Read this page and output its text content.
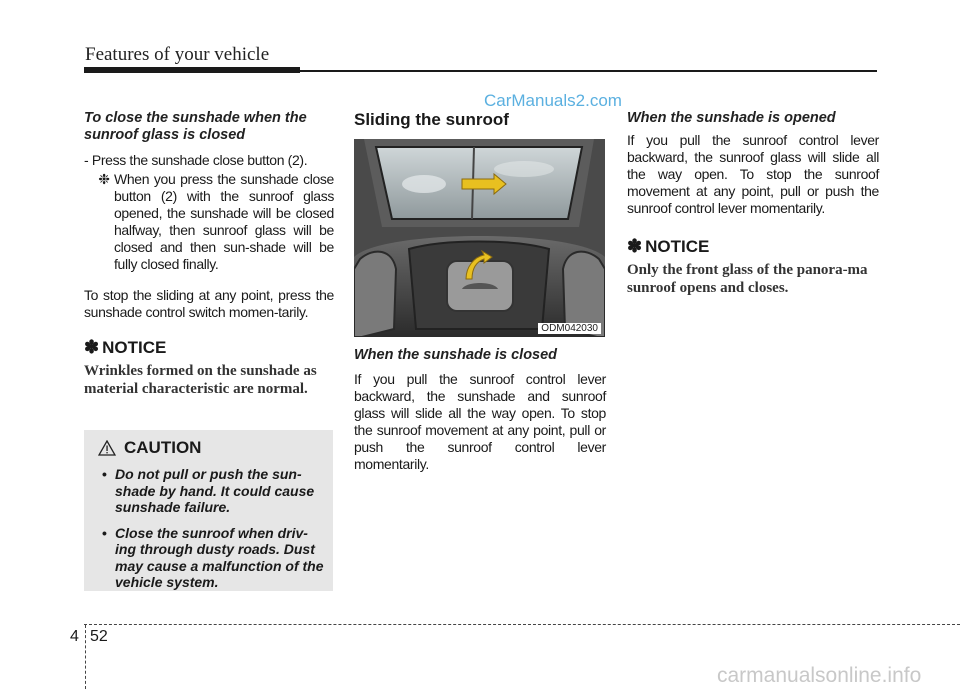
Features of your vehicle
CarManuals2.com

To close the sunshade when the
sunroof glass is closed

- Press the sunshade close button (2).

❉ When you press the sunshade close button (2) with the sunroof glass opened, the sunshade will be closed halfway, then sunroof glass will be closed and then sun-shade will be fully closed finally.

To stop the sliding at any point, press the sunshade control switch momen-tarily.

✽ NOTICE

Wrinkles formed on the sunshade as material characteristic are normal.

CAUTION
• Do not pull or push the sun-shade by hand. It could cause sunshade failure.
• Close the sunroof when driv-ing through dusty roads. Dust may cause a malfunction of the vehicle system.

Sliding the sunroof

ODM042030

When the sunshade is closed

If you pull the sunroof control lever backward, the sunshade and sunroof glass will slide all the way open. To stop the sunroof movement at any point, pull or push the sunroof control lever momentarily.

When the sunshade is opened

If you pull the sunroof control lever backward, the sunroof glass will slide all the way open. To stop the sunroof movement at any point, pull or push the sunroof control lever momentarily.

✽ NOTICE

Only the front glass of the panora-ma sunroof opens and closes.

4 52
carmanualsonline.info
